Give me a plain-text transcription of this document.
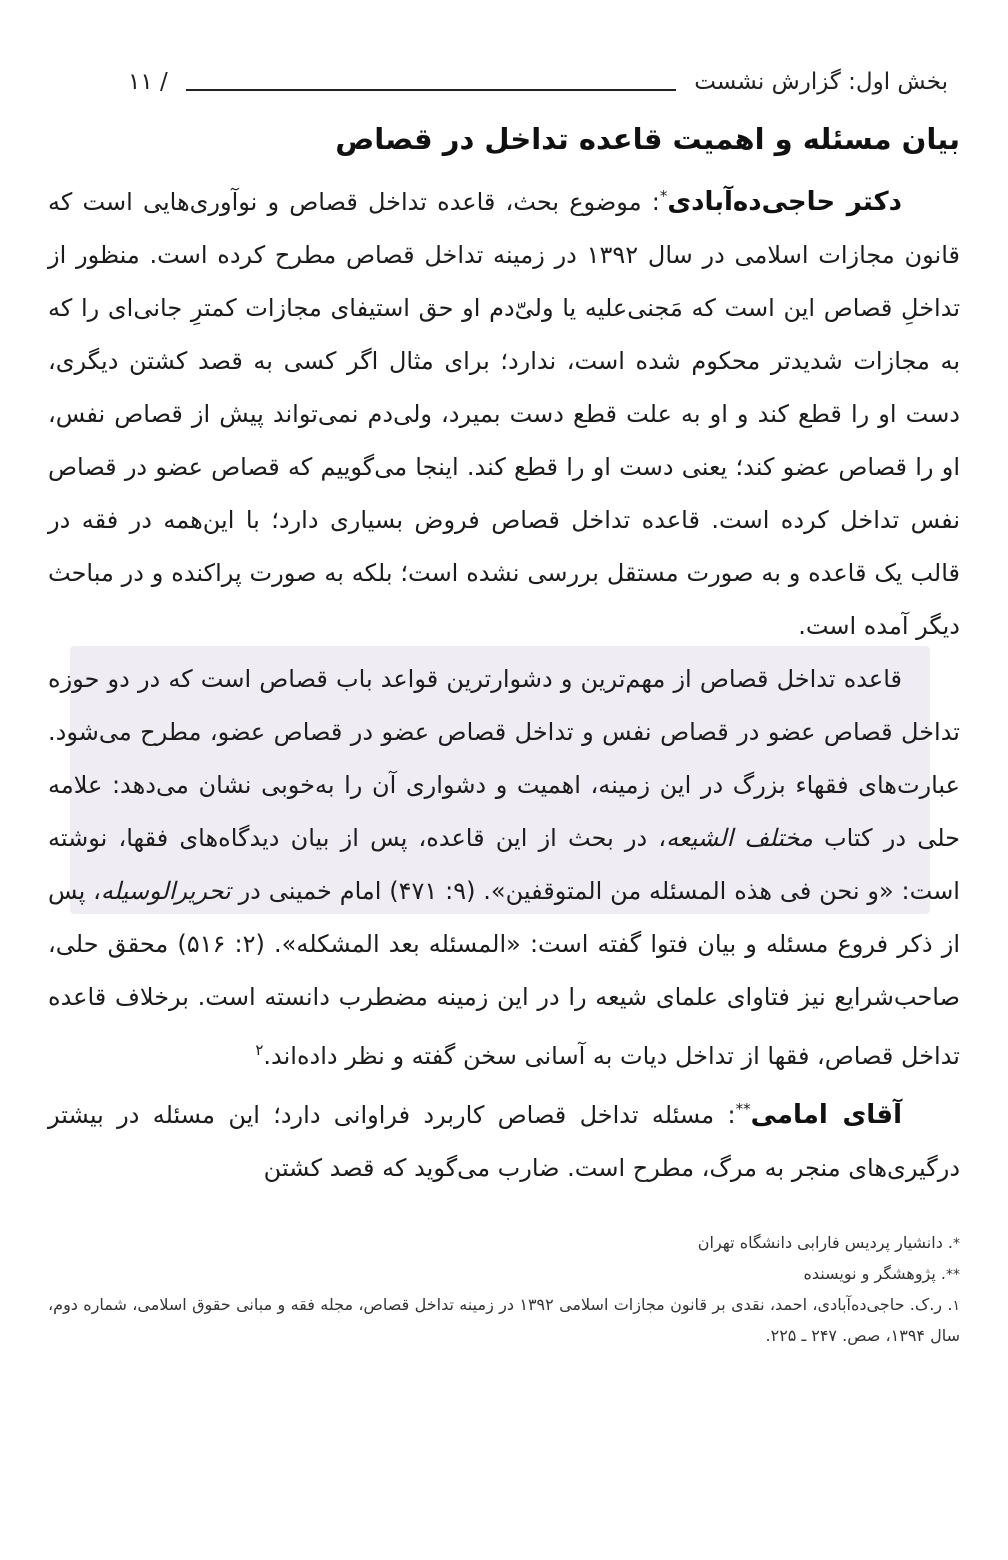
بخش اول: گزارش نشست
/ ۱۱
بیان مسئله و اهمیت قاعده تداخل در قصاص

دکتر حاجی‌ده‌آبادی*: موضوع بحث، قاعده تداخل قصاص و نوآوری‌هایی است که قانون مجازات اسلامی در سال ۱۳۹۲ در زمینه تداخل قصاص مطرح کرده است. منظور از تداخلِ قصاص این است که مَجنی‌علیه یا ولیّ‌دم او حق استیفای مجازات کمترِ جانی‌ای را که به مجازات شدیدتر محکوم شده است، ندارد؛ برای مثال اگر کسی به قصد کشتن دیگری، دست او را قطع کند و او به علت قطع دست بمیرد، ولی‌دم نمی‌تواند پیش از قصاص نفس، او را قصاص عضو کند؛ یعنی دست او را قطع کند. اینجا می‌گوییم که قصاص عضو در قصاص نفس تداخل کرده است. قاعده تداخل قصاص فروض بسیاری دارد؛ با این‌همه در فقه در قالب یک قاعده و به صورت مستقل بررسی نشده است؛ بلکه به صورت پراکنده و در مباحث دیگر آمده است.

قاعده تداخل قصاص از مهم‌ترین و دشوارترین قواعد باب قصاص است که در دو حوزه تداخل قصاص عضو در قصاص نفس و تداخل قصاص عضو در قصاص عضو، مطرح می‌شود. عبارت‌های فقهاء بزرگ در این زمینه، اهمیت و دشواری آن را به‌خوبی نشان می‌دهد: علامه حلی در کتاب مختلف الشیعه، در بحث از این قاعده، پس از بیان دیدگاه‌های فقها، نوشته است: «و نحن فی هذه المسئله من المتوقفین». (۹: ۴۷۱) امام خمینی در تحریرالوسیله، پس از ذکر فروع مسئله و بیان فتوا گفته است: «المسئله بعد المشکله». (۲: ۵۱۶) محقق حلی، صاحب‌شرایع نیز فتاوای علمای شیعه را در این زمینه مضطرب دانسته است. برخلاف قاعده تداخل قصاص، فقها از تداخل دیات به آسانی سخن گفته و نظر داده‌اند.$^۲$

آقای امامی**: مسئله تداخل قصاص کاربرد فراوانی دارد؛ این مسئله در بیشتر درگیری‌های منجر به مرگ، مطرح است. ضارب می‌گوید که قصد کشتن

*. دانشیار پردیس فارابی دانشگاه تهران

**. پژوهشگر و نویسنده

۱. ر.ک. حاجی‌ده‌آبادی، احمد، نقدی بر قانون مجازات اسلامی ۱۳۹۲ در زمینه تداخل قصاص، مجله فقه و مبانی حقوق اسلامی، شماره دوم، سال ۱۳۹۴، صص. ۲۴۷ ـ ۲۲۵.
